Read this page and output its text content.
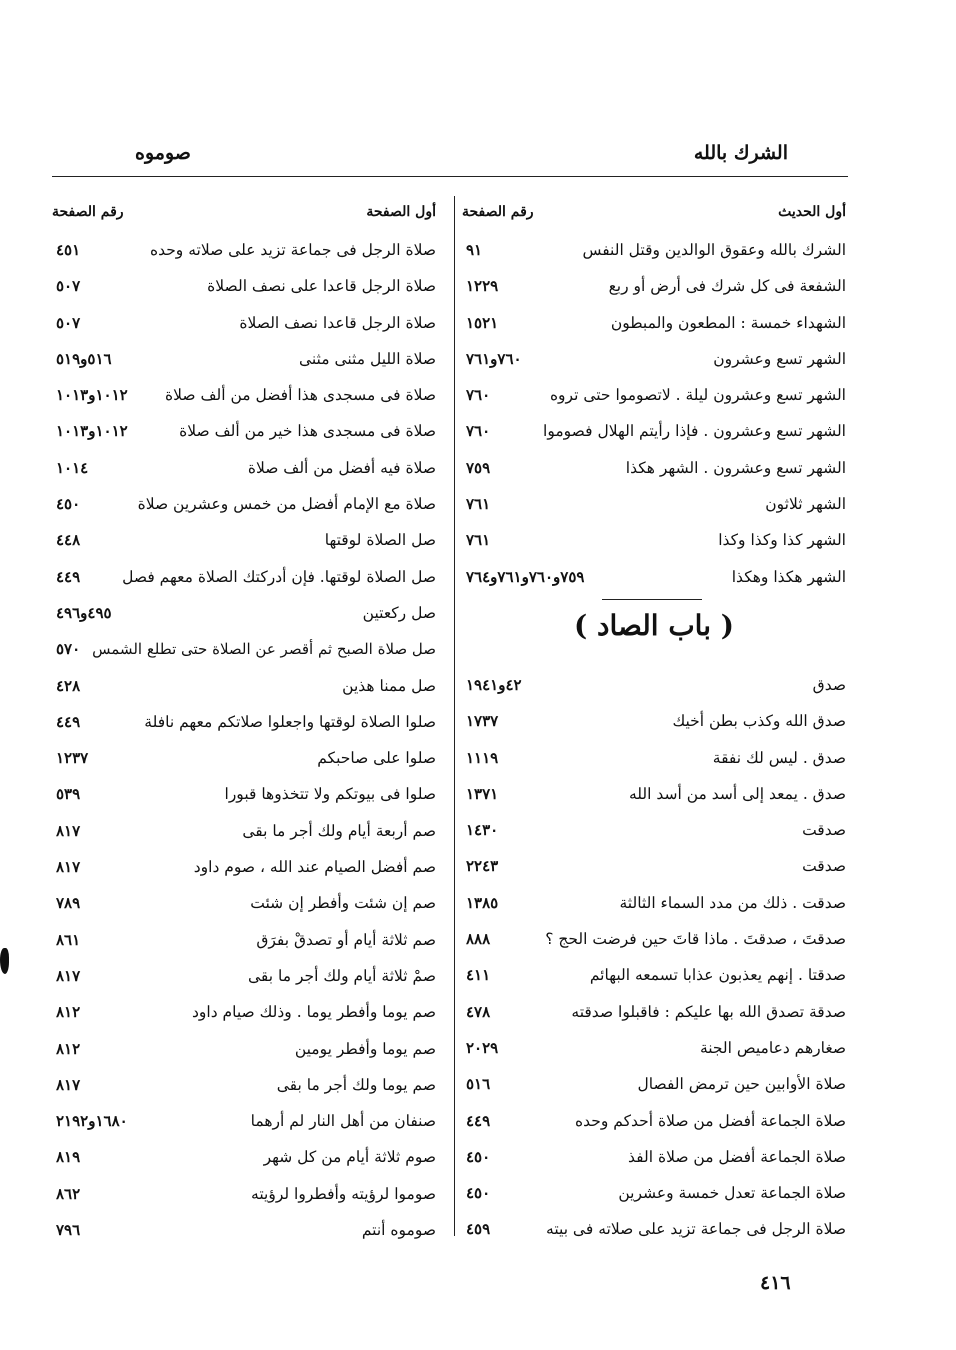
الشرك بالله
صوموه
أول الحديث
رقم الصفحة
الشرك بالله وعقوق الوالدين وقتل النفس
٩١
الشفعة فى كل شرك فى أرض أو ربع
١٢٢٩
الشهداء خمسة : المطعون والمبطون
١٥٢١
الشهر تسع وعشرون
٧٦٠و٧٦١
الشهر تسع وعشرون ليلة . لاتصوموا حتى تروه
٧٦٠
الشهر تسع وعشرون . فإذا رأيتم الهلال فصوموا
٧٦٠
الشهر تسع وعشرون . الشهر هكذا
٧٥٩
الشهر ثلاثون
٧٦١
الشهر كذا وكذا وكذا
٧٦١
الشهر هكذا وهكذا
٧٥٩و٧٦٠و٧٦١و٧٦٤
( باب الصاد )
صدق
٤٢و١٩٤١
صدق الله وكذب بطن أخيك
١٧٣٧
صدق . ليس لك نفقة
١١١٩
صدق . يمعد إلى أسد من أسد الله
١٣٧١
صدقت
١٤٣٠
صدقت
٢٢٤٣
صدقت . ذلك من مدد السماء الثالثة
١٣٨٥
صدقتَ ، صدقتَ . ماذا قاتَ حين فرضت الحج ؟
٨٨٨
صدقتا . إنهم يعذبون عذابا تسمعه البهائم
٤١١
صدقة تصدق الله بها عليكم : فاقبلوا صدقته
٤٧٨
صغارهم دعاميص الجنة
٢٠٢٩
صلاة الأوابين حين ترمض الفصال
٥١٦
صلاة الجماعة أفضل من صلاة أحدكم وحده
٤٤٩
صلاة الجماعة أفضل من صلاة الفذ
٤٥٠
صلاة الجماعة تعدل خمسة وعشرين
٤٥٠
صلاة الرجل فى جماعة تزيد على صلاته فى بيته
٤٥٩
أول الصفحة
رقم الصفحة
صلاة الرجل فى جماعة تزيد على صلاته وحده
٤٥١
صلاة الرجل قاعدا على نصف الصلاة
٥٠٧
صلاة الرجل قاعدا نصف الصلاة
٥٠٧
صلاة الليل مثنى مثنى
٥١٦و٥١٩
صلاة فى مسجدى هذا أفضل من ألف صلاة
١٠١٢و١٠١٣
صلاة فى مسجدى هذا خير من ألف صلاة
١٠١٢و١٠١٣
صلاة فيه أفضل من ألف صلاة
١٠١٤
صلاة مع الإمام أفضل من خمس وعشرين صلاة
٤٥٠
صل الصلاة لوقتها
٤٤٨
صل الصلاة لوقتها. فإن أدركتك الصلاة معهم فصل
٤٤٩
صل ركعتين
٤٩٥و٤٩٦
صل صلاة الصبح ثم أقصر عن الصلاة حتى تطلع الشمس
٥٧٠
صل ممنا هذين
٤٢٨
صلوا الصلاة لوقتها واجعلوا صلاتكم معهم نافلة
٤٤٩
صلوا على صاحبكم
١٢٣٧
صلوا فى بيوتكم ولا تتخذوها قبورا
٥٣٩
صم أربعة أيام ولك أجر ما بقى
٨١٧
صم أفضل الصيام عند الله ، صوم داود
٨١٧
صم إن شئت وأفطر إن شئت
٧٨٩
صم ثلاثة أيام أو تصدقْ بفرَق
٨٦١
صمْ ثلاثة أيام ولك أجر ما بقى
٨١٧
صم يوما وأفطر يوما . وذلك صيام داود
٨١٢
صم يوما وأفطر يومين
٨١٢
صم يوما ولك أجر ما بقى
٨١٧
صنفان من أهل النار لم أرهما
١٦٨٠و٢١٩٢
صوم ثلاثة أيام من كل شهر
٨١٩
صوموا لرؤيته وأفطروا لرؤيته
٨٦٢
صوموه أنتم
٧٩٦
٤١٦
